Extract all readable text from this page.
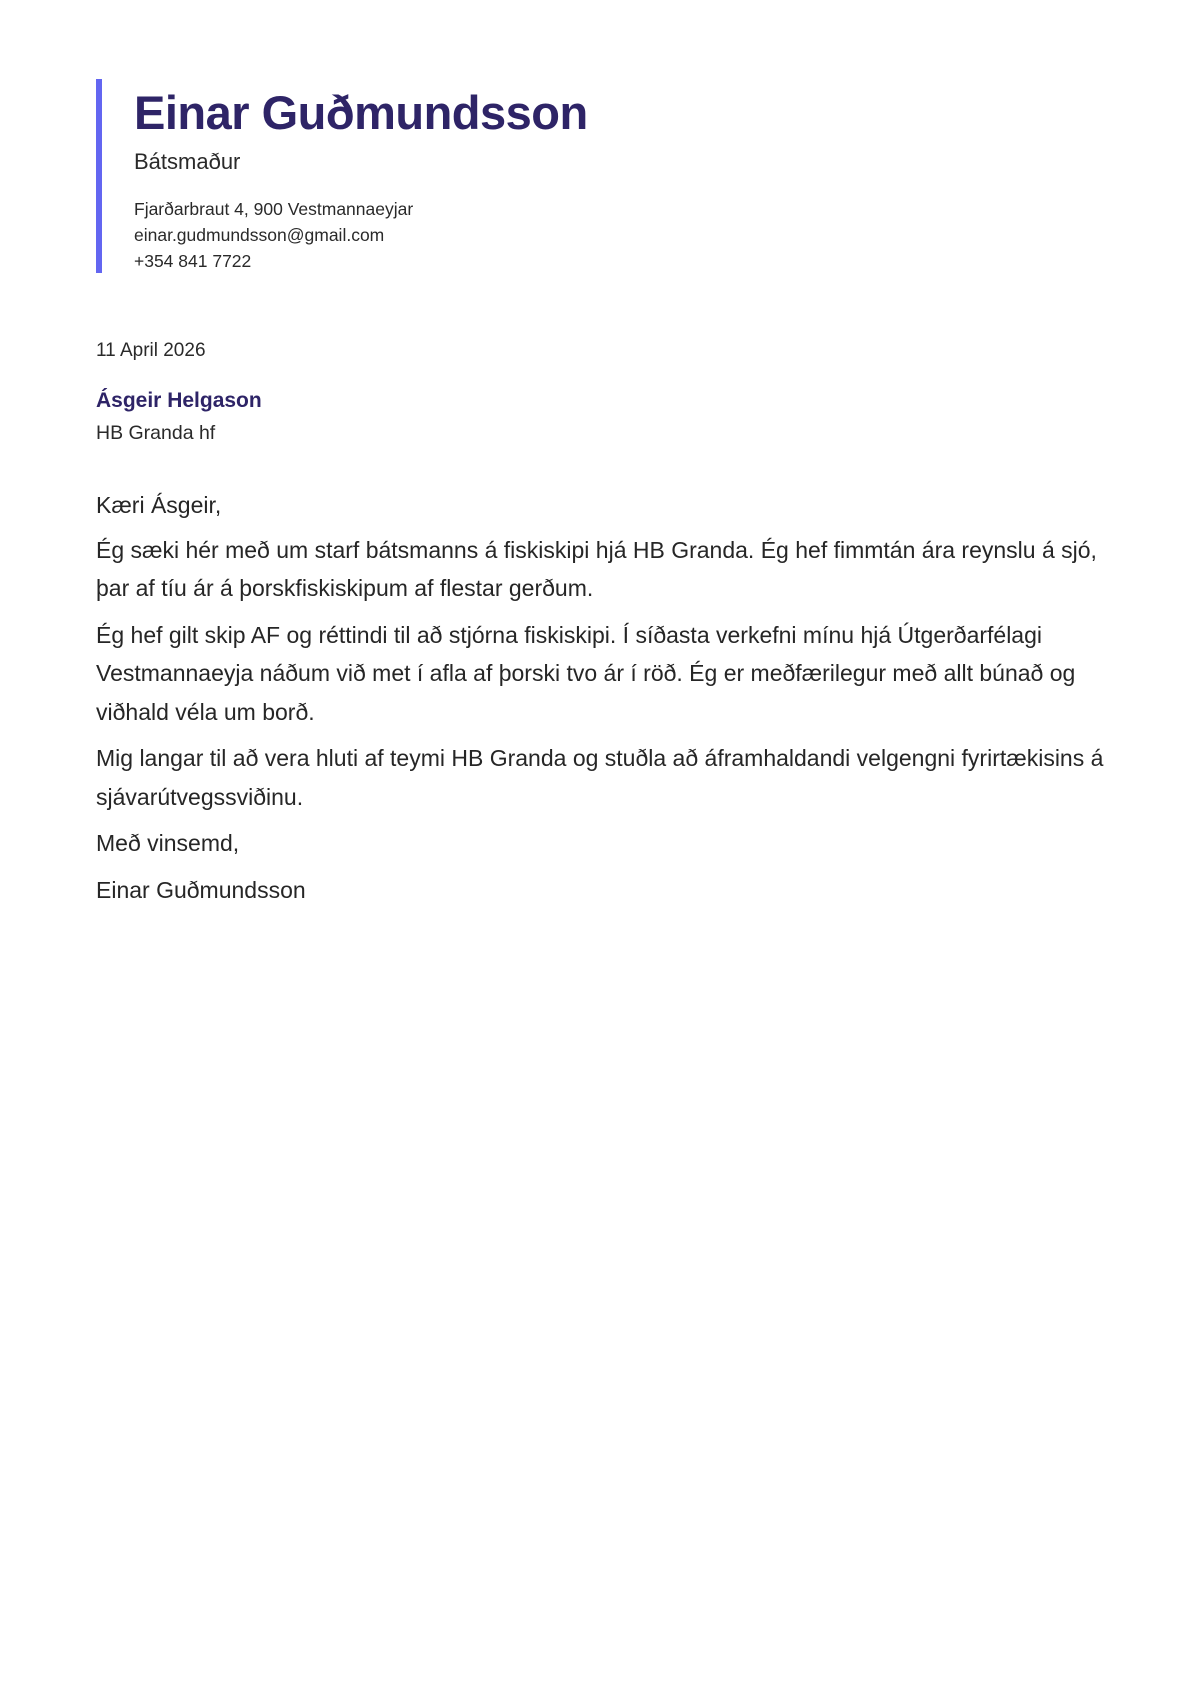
Einar Guðmundsson
Bátsmaður
Fjarðarbraut 4, 900 Vestmannaeyjar
einar.gudmundsson@gmail.com
+354 841 7722
11 April 2026
Ásgeir Helgason
HB Granda hf

Kæri Ásgeir,

Ég sæki hér með um starf bátsmanns á fiskiskipi hjá HB Granda. Ég hef fimmtán ára reynslu á sjó, þar af tíu ár á þorskfiskiskipum af flestar gerðum.

Ég hef gilt skip AF og réttindi til að stjórna fiskiskipi. Í síðasta verkefni mínu hjá Útgerðarfélagi Vestmannaeyja náðum við met í afla af þorski tvo ár í röð. Ég er meðfærilegur með allt búnað og viðhald véla um borð.

Mig langar til að vera hluti af teymi HB Granda og stuðla að áframhaldandi velgengni fyrirtækisins á sjávarútvegssviðinu.

Með vinsemd,

Einar Guðmundsson
